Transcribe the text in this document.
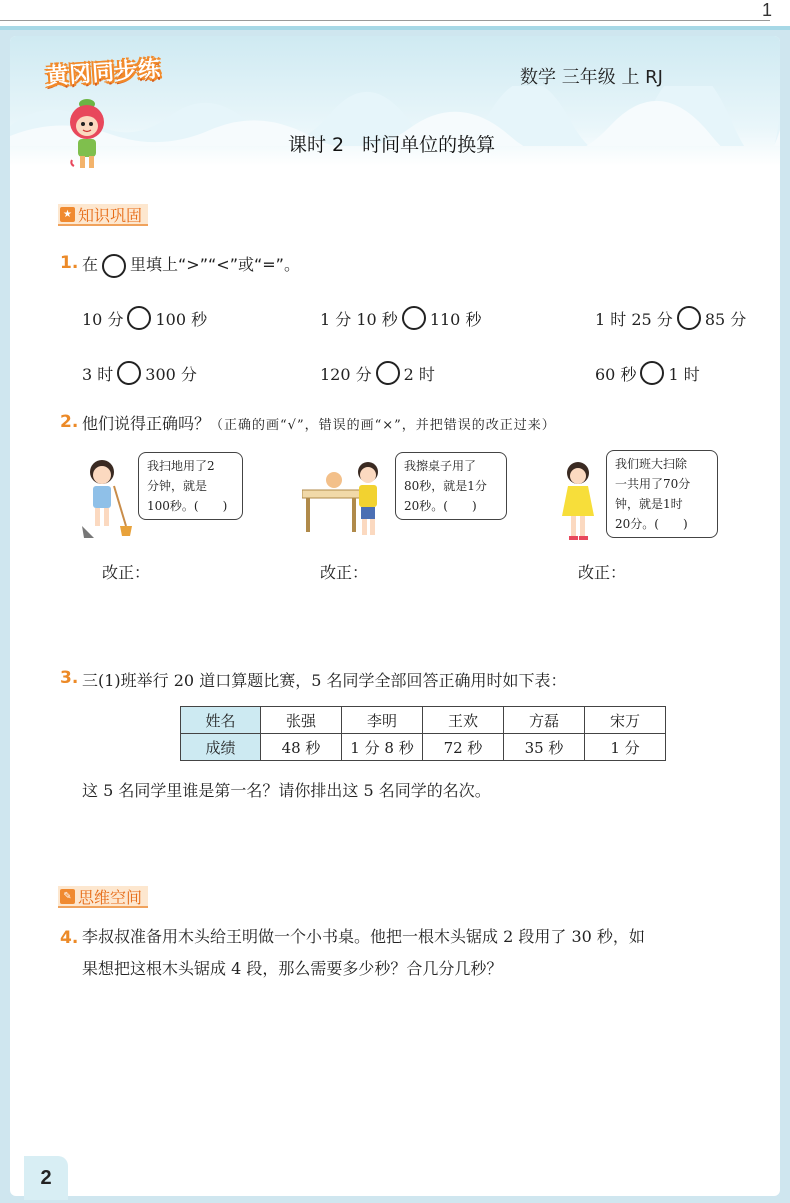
1
黄冈同步练	数学 三年级 上 RJ
课时 2 时间单位的换算
★ 知识巩固
1. 在 里填上“>”“<”或“=”。
10 分 100 秒	1 分 10 秒 110 秒	1 时 25 分 85 分
3 时 300 分	120 分 2 时	60 秒 1 时
2. 他们说得正确吗？（正确的画“√”，错误的画“×”，并把错误的改正过来）
我扫地用了2
分钟，就是
100秒。(　　)
我擦桌子用了
80秒，就是1分
20秒。(　　)
我们班大扫除
一共用了70分
钟，就是1时
20分。(　　)
改正：	改正：	改正：
3. 三(1)班举行 20 道口算题比赛，5 名同学全部回答正确用时如下表：
姓名	张强	李明	王欢	方磊	宋万
成绩	48 秒	1 分 8 秒	72 秒	35 秒	1 分
这 5 名同学里谁是第一名？请你排出这 5 名同学的名次。
✎ 思维空间
4. 李叔叔准备用木头给王明做一个小书桌。他把一根木头锯成 2 段用了 30 秒，如
果想把这根木头锯成 4 段，那么需要多少秒？合几分几秒？
2
